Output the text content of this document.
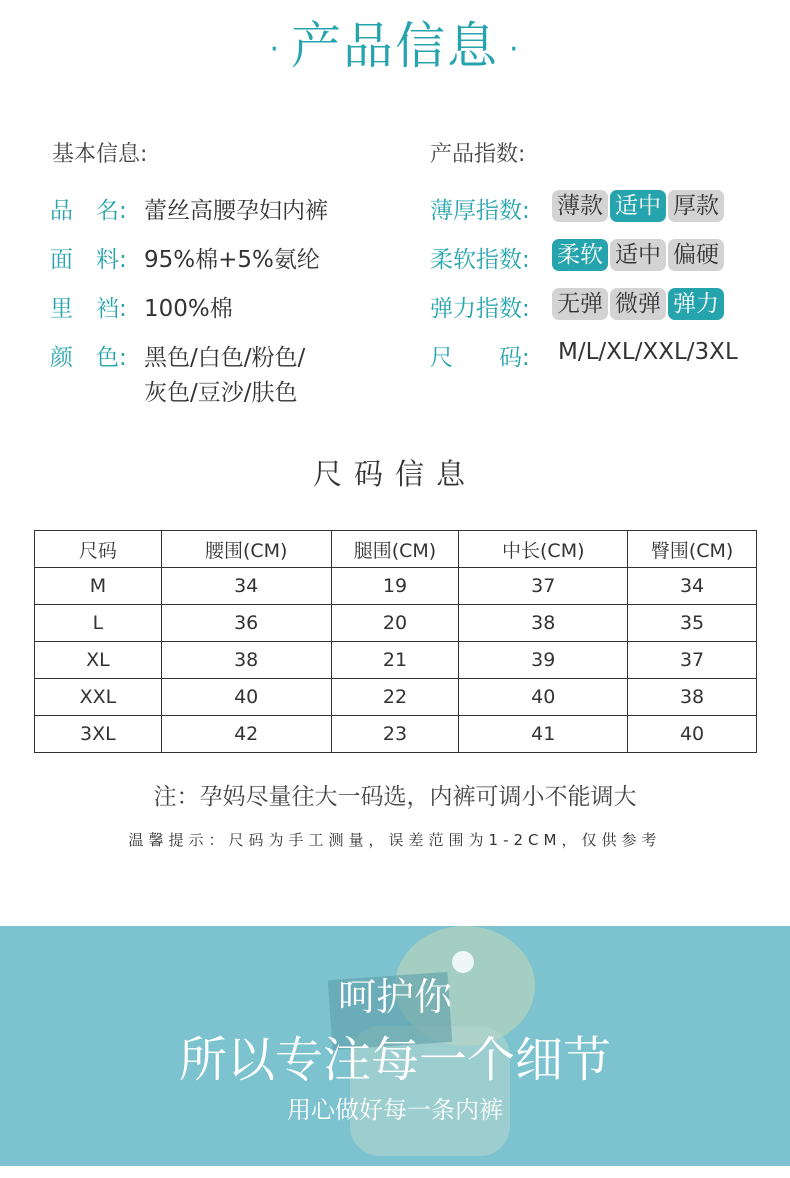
· 产品信息 ·
基本信息:
品　名: 蕾丝高腰孕妇内裤
面　料: 95%棉+5%氨纶
里　裆: 100%棉
颜　色: 黑色/白色/粉色/
灰色/豆沙/肤色
产品指数:
薄厚指数: 薄款 适中 厚款
柔软指数: 柔软 适中 偏硬
弹力指数: 无弹 微弹 弹力
尺　　码: M/L/XL/XXL/3XL
尺码信息
尺码	腰围(CM)	腿围(CM)	中长(CM)	臀围(CM)
M	34	19	37	34
L	36	20	38	35
XL	38	21	39	37
XXL	40	22	40	38
3XL	42	23	41	40
注：孕妈尽量往大一码选，内裤可调小不能调大
温馨提示：尺码为手工测量，误差范围为1-2CM，仅供参考
呵护你
所以专注每一个细节
用心做好每一条内裤
